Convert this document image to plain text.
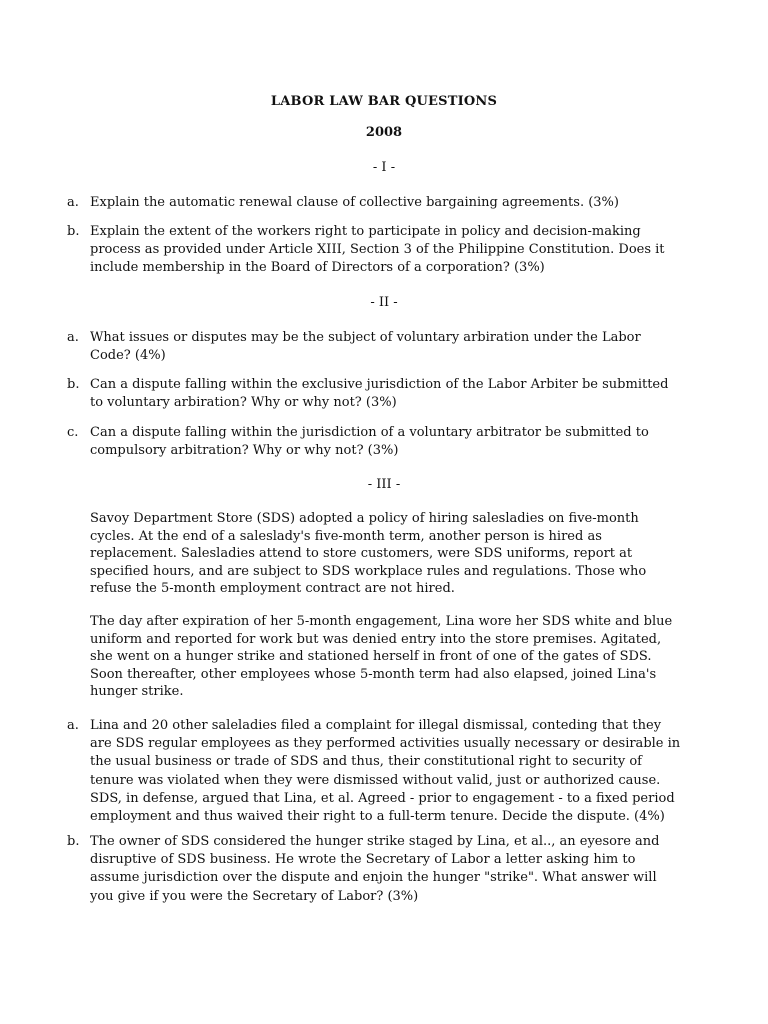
LABOR LAW BAR QUESTIONS
2008
- I -
a. Explain the automatic renewal clause of collective bargaining agreements. (3%)
b. Explain the extent of the workers right to participate in policy and decision-making process as provided under Article XIII, Section 3 of the Philippine Constitution. Does it include membership in the Board of Directors of a corporation? (3%)
- II -
a. What issues or disputes may be the subject of voluntary arbiration under the Labor Code? (4%)
b. Can a dispute falling within the exclusive jurisdiction of the Labor Arbiter be submitted to voluntary arbiration? Why or why not? (3%)
c. Can a dispute falling within the jurisdiction of a voluntary arbitrator be submitted to compulsory arbitration? Why or why not? (3%)
- III -
Savoy Department Store (SDS) adopted a policy of hiring salesladies on five-month cycles. At the end of a saleslady's five-month term, another person is hired as replacement. Salesladies attend to store customers, were SDS uniforms, report at specified hours, and are subject to SDS workplace rules and regulations. Those who refuse the 5-month employment contract are not hired.
The day after expiration of her 5-month engagement, Lina wore her SDS white and blue uniform and reported for work but was denied entry into the store premises. Agitated, she went on a hunger strike and stationed herself in front of one of the gates of SDS. Soon thereafter, other employees whose 5-month term had also elapsed, joined Lina's hunger strike.
a. Lina and 20 other saleladies filed a complaint for illegal dismissal, conteding that they are SDS regular employees as they performed activities usually necessary or desirable in the usual business or trade of SDS and thus, their constitutional right to security of tenure was violated when they were dismissed without valid, just or authorized cause. SDS, in defense, argued that Lina, et al. Agreed - prior to engagement - to a fixed period employment and thus waived their right to a full-term tenure. Decide the dispute. (4%)
b. The owner of SDS considered the hunger strike staged by Lina, et al.., an eyesore and disruptive of SDS business. He wrote the Secretary of Labor a letter asking him to assume jurisdiction over the dispute and enjoin the hunger "strike". What answer will you give if you were the Secretary of Labor? (3%)
